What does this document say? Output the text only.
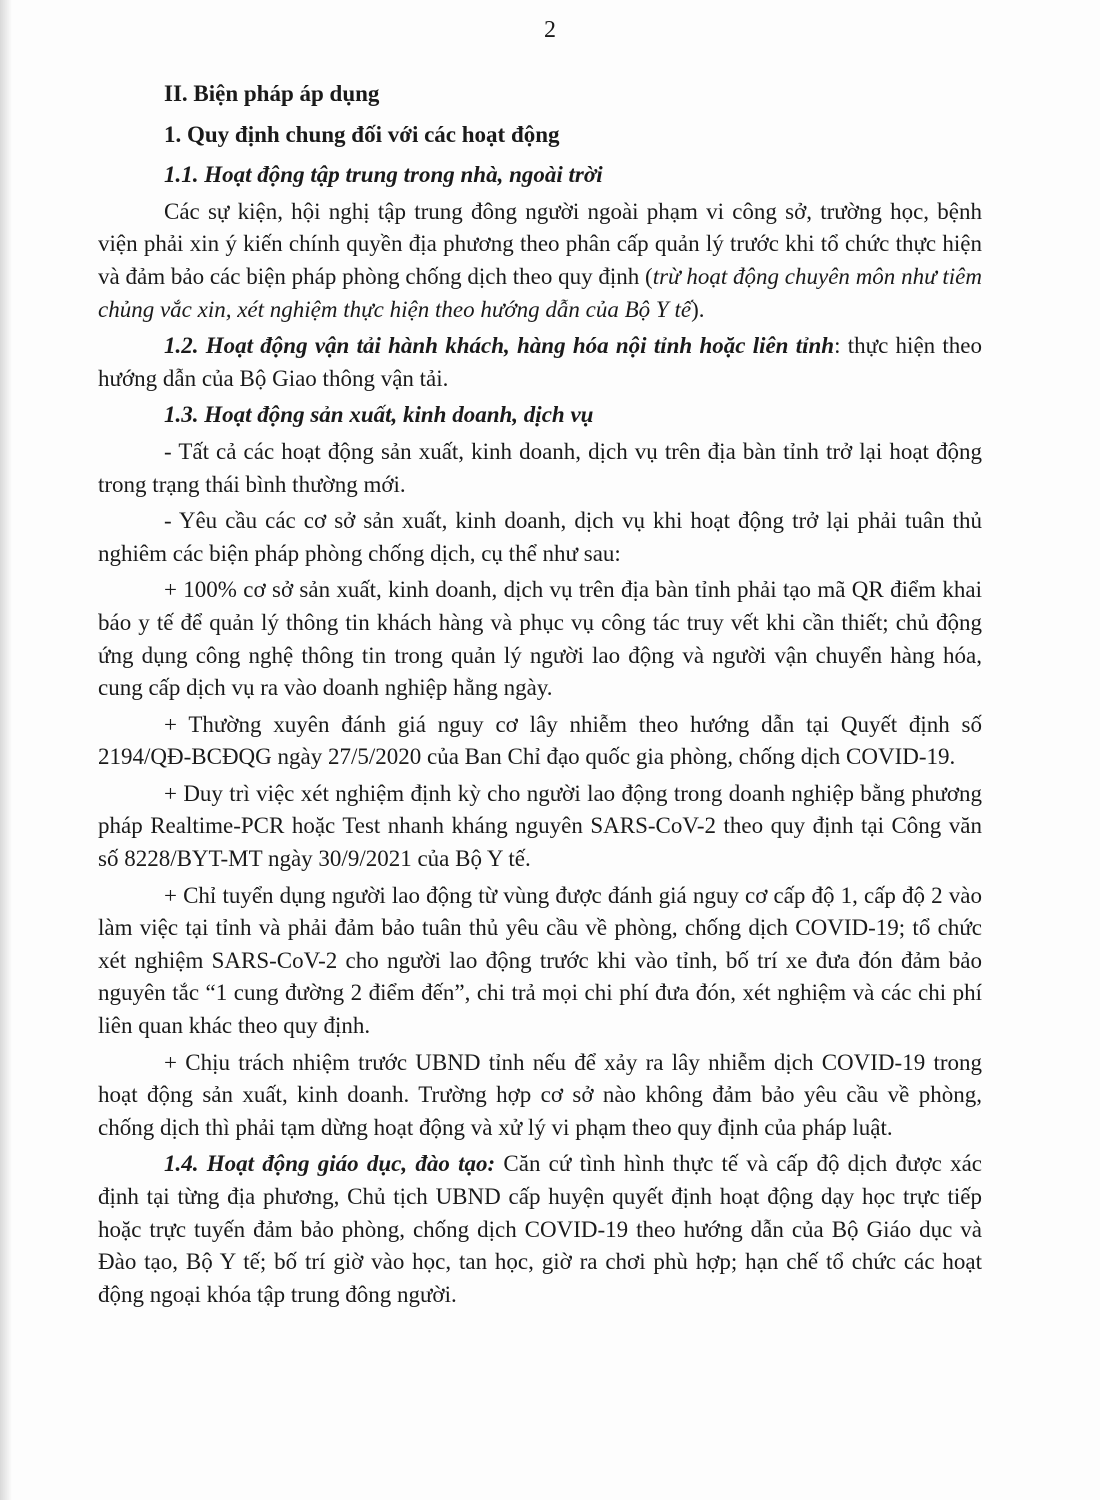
2

II. Biện pháp áp dụng

1. Quy định chung đối với các hoạt động

1.1. Hoạt động tập trung trong nhà, ngoài trời

Các sự kiện, hội nghị tập trung đông người ngoài phạm vi công sở, trường học, bệnh viện phải xin ý kiến chính quyền địa phương theo phân cấp quản lý trước khi tổ chức thực hiện và đảm bảo các biện pháp phòng chống dịch theo quy định (trừ hoạt động chuyên môn như tiêm chủng vắc xin, xét nghiệm thực hiện theo hướng dẫn của Bộ Y tế).

1.2. Hoạt động vận tải hành khách, hàng hóa nội tỉnh hoặc liên tỉnh: thực hiện theo hướng dẫn của Bộ Giao thông vận tải.

1.3. Hoạt động sản xuất, kinh doanh, dịch vụ

- Tất cả các hoạt động sản xuất, kinh doanh, dịch vụ trên địa bàn tỉnh trở lại hoạt động trong trạng thái bình thường mới.

- Yêu cầu các cơ sở sản xuất, kinh doanh, dịch vụ khi hoạt động trở lại phải tuân thủ nghiêm các biện pháp phòng chống dịch, cụ thể như sau:

+ 100% cơ sở sản xuất, kinh doanh, dịch vụ trên địa bàn tỉnh phải tạo mã QR điểm khai báo y tế để quản lý thông tin khách hàng và phục vụ công tác truy vết khi cần thiết; chủ động ứng dụng công nghệ thông tin trong quản lý người lao động và người vận chuyển hàng hóa, cung cấp dịch vụ ra vào doanh nghiệp hằng ngày.

+ Thường xuyên đánh giá nguy cơ lây nhiễm theo hướng dẫn tại Quyết định số 2194/QĐ-BCĐQG ngày 27/5/2020 của Ban Chỉ đạo quốc gia phòng, chống dịch COVID-19.

+ Duy trì việc xét nghiệm định kỳ cho người lao động trong doanh nghiệp bằng phương pháp Realtime-PCR hoặc Test nhanh kháng nguyên SARS-CoV-2 theo quy định tại Công văn số 8228/BYT-MT ngày 30/9/2021 của Bộ Y tế.

+ Chỉ tuyển dụng người lao động từ vùng được đánh giá nguy cơ cấp độ 1, cấp độ 2 vào làm việc tại tỉnh và phải đảm bảo tuân thủ yêu cầu về phòng, chống dịch COVID-19; tổ chức xét nghiệm SARS-CoV-2 cho người lao động trước khi vào tỉnh, bố trí xe đưa đón đảm bảo nguyên tắc “1 cung đường 2 điểm đến”, chi trả mọi chi phí đưa đón, xét nghiệm và các chi phí liên quan khác theo quy định.

+ Chịu trách nhiệm trước UBND tỉnh nếu để xảy ra lây nhiễm dịch COVID-19 trong hoạt động sản xuất, kinh doanh. Trường hợp cơ sở nào không đảm bảo yêu cầu về phòng, chống dịch thì phải tạm dừng hoạt động và xử lý vi phạm theo quy định của pháp luật.

1.4. Hoạt động giáo dục, đào tạo: Căn cứ tình hình thực tế và cấp độ dịch được xác định tại từng địa phương, Chủ tịch UBND cấp huyện quyết định hoạt động dạy học trực tiếp hoặc trực tuyến đảm bảo phòng, chống dịch COVID-19 theo hướng dẫn của Bộ Giáo dục và Đào tạo, Bộ Y tế; bố trí giờ vào học, tan học, giờ ra chơi phù hợp; hạn chế tổ chức các hoạt động ngoại khóa tập trung đông người.
